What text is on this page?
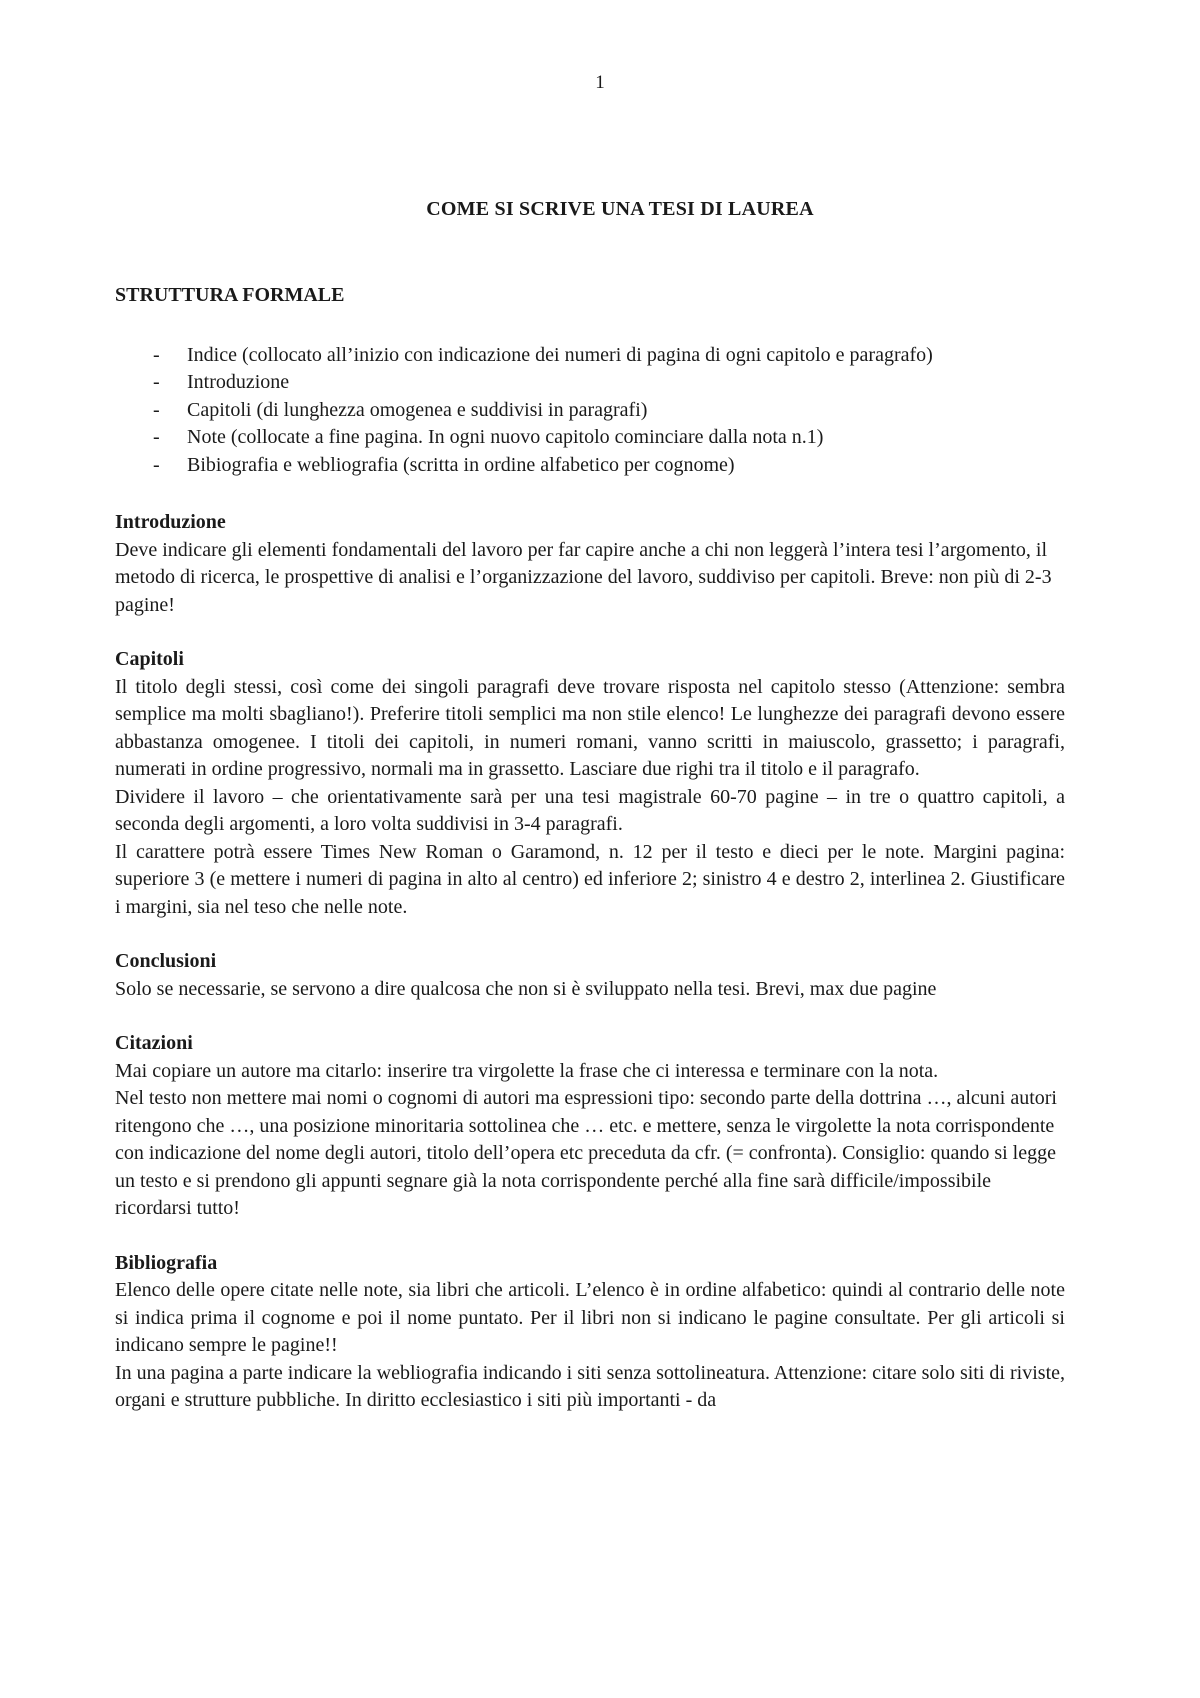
1
COME SI SCRIVE UNA TESI DI LAUREA
STRUTTURA FORMALE
- Indice (collocato all’inizio con indicazione dei numeri di pagina di ogni capitolo e paragrafo)
- Introduzione
- Capitoli (di lunghezza omogenea e suddivisi in paragrafi)
- Note (collocate a fine pagina. In ogni nuovo capitolo cominciare dalla nota n.1)
- Bibiografia e webliografia (scritta in ordine alfabetico per cognome)
Introduzione

Deve indicare gli elementi fondamentali del lavoro per far capire anche a chi non leggerà l’intera tesi l’argomento, il metodo di ricerca, le prospettive di analisi e l’organizzazione del lavoro, suddiviso per capitoli. Breve: non più di 2-3 pagine!

Capitoli

Il titolo degli stessi, così come dei singoli paragrafi deve trovare risposta nel capitolo stesso (Attenzione: sembra semplice ma molti sbagliano!). Preferire titoli semplici ma non stile elenco! Le lunghezze dei paragrafi devono essere abbastanza omogenee. I titoli dei capitoli, in numeri romani, vanno scritti in maiuscolo, grassetto; i paragrafi, numerati in ordine progressivo, normali ma in grassetto. Lasciare due righi tra il titolo e il paragrafo.

Dividere il lavoro – che orientativamente sarà per una tesi magistrale 60-70 pagine – in tre o quattro capitoli, a seconda degli argomenti, a loro volta suddivisi in 3-4 paragrafi.

Il carattere potrà essere Times New Roman o Garamond, n. 12 per il testo e dieci per le note. Margini pagina: superiore 3 (e mettere i numeri di pagina in alto al centro) ed inferiore 2; sinistro 4 e destro 2, interlinea 2. Giustificare i margini, sia nel teso che nelle note.

Conclusioni

Solo se necessarie, se servono a dire qualcosa che non si è sviluppato nella tesi. Brevi, max due pagine

Citazioni

Mai copiare un autore ma citarlo: inserire tra virgolette la frase che ci interessa e terminare con la nota.

Nel testo non mettere mai nomi o cognomi di autori ma espressioni tipo: secondo parte della dottrina …, alcuni autori ritengono che …, una posizione minoritaria sottolinea che … etc. e mettere, senza le virgolette la nota corrispondente con indicazione del nome degli autori, titolo dell’opera etc preceduta da cfr. (= confronta). Consiglio: quando si legge un testo e si prendono gli appunti segnare già la nota corrispondente perché alla fine sarà difficile/impossibile ricordarsi tutto!

Bibliografia

Elenco delle opere citate nelle note, sia libri che articoli. L’elenco è in ordine alfabetico: quindi al contrario delle note si indica prima il cognome e poi il nome puntato. Per il libri non si indicano le pagine consultate. Per gli articoli si indicano sempre le pagine!!

In una pagina a parte indicare la webliografia indicando i siti senza sottolineatura. Attenzione: citare solo siti di riviste, organi e strutture pubbliche. In diritto ecclesiastico i siti più importanti - da
